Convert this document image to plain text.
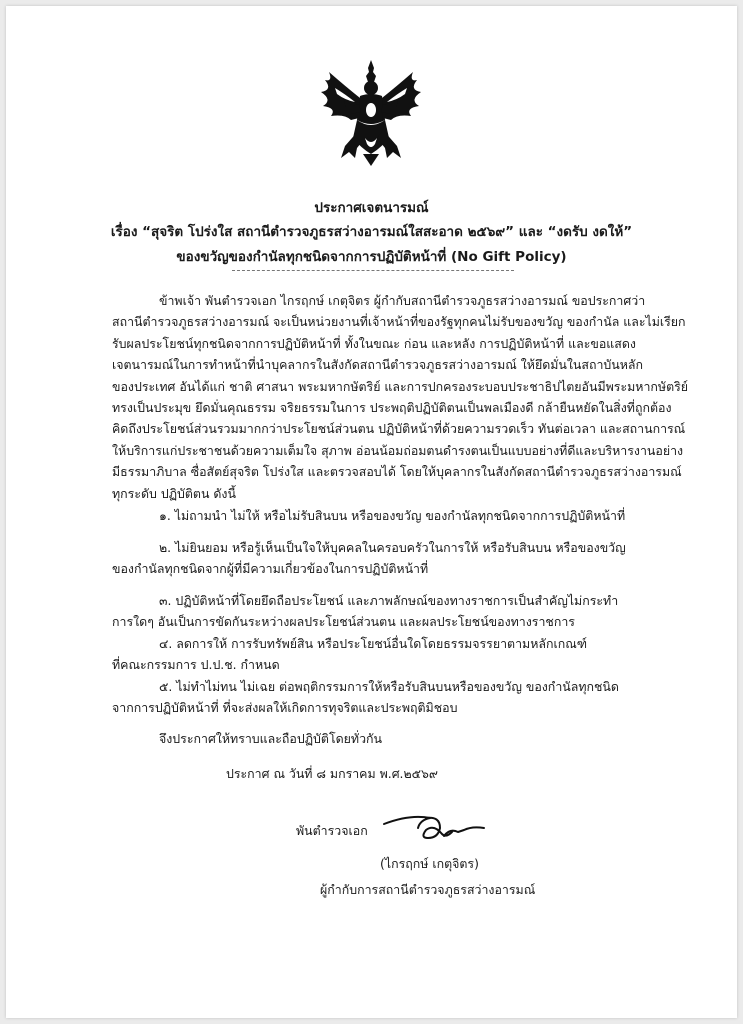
ประกาศเจตนารมณ์
เรื่อง “สุจริต โปร่งใส สถานีตำรวจภูธรสว่างอารมณ์ใสสะอาด ๒๕๖๙” และ “งดรับ งดให้”
ของขวัญของกำนัลทุกชนิดจากการปฏิบัติหน้าที่ (No Gift Policy)
ข้าพเจ้า พันตำรวจเอก ไกรฤกษ์ เกตุจิตร ผู้กำกับสถานีตำรวจภูธรสว่างอารมณ์ ขอประกาศว่า
สถานีตำรวจภูธรสว่างอารมณ์ จะเป็นหน่วยงานที่เจ้าหน้าที่ของรัฐทุกคนไม่รับของขวัญ ของกำนัล และไม่เรียก
รับผลประโยชน์ทุกชนิดจากการปฏิบัติหน้าที่ ทั้งในขณะ ก่อน และหลัง การปฏิบัติหน้าที่ และขอแสดง
เจตนารมณ์ในการทำหน้าที่นำบุคลากรในสังกัดสถานีตำรวจภูธรสว่างอารมณ์ ให้ยึดมั่นในสถาบันหลัก
ของประเทศ อันได้แก่ ชาติ ศาสนา พระมหากษัตริย์ และการปกครองระบอบประชาธิปไตยอันมีพระมหากษัตริย์
ทรงเป็นประมุข ยึดมั่นคุณธรรม จริยธรรมในการ ประพฤติปฏิบัติตนเป็นพลเมืองดี กล้ายืนหยัดในสิ่งที่ถูกต้อง
คิดถึงประโยชน์ส่วนรวมมากกว่าประโยชน์ส่วนตน ปฏิบัติหน้าที่ด้วยความรวดเร็ว ทันต่อเวลา และสถานการณ์
ให้บริการแก่ประชาชนด้วยความเต็มใจ สุภาพ อ่อนน้อมถ่อมตนดำรงตนเป็นแบบอย่างที่ดีและบริหารงานอย่าง
มีธรรมาภิบาล ซื่อสัตย์สุจริต โปร่งใส และตรวจสอบได้ โดยให้บุคลากรในสังกัดสถานีตำรวจภูธรสว่างอารมณ์
ทุกระดับ ปฏิบัติตน ดังนี้
๑. ไม่ถามนำ ไม่ให้ หรือไม่รับสินบน หรือของขวัญ ของกำนัลทุกชนิดจากการปฏิบัติหน้าที่
๒. ไม่ยินยอม หรือรู้เห็นเป็นใจให้บุคคลในครอบครัวในการให้ หรือรับสินบน หรือของขวัญ
ของกำนัลทุกชนิดจากผู้ที่มีความเกี่ยวข้องในการปฏิบัติหน้าที่
๓. ปฏิบัติหน้าที่โดยยึดถือประโยชน์ และภาพลักษณ์ของทางราชการเป็นสำคัญไม่กระทำ
การใดๆ อันเป็นการขัดกันระหว่างผลประโยชน์ส่วนตน และผลประโยชน์ของทางราชการ
๔. ลดการให้ การรับทรัพย์สิน หรือประโยชน์อื่นใดโดยธรรมจรรยาตามหลักเกณฑ์
ที่คณะกรรมการ ป.ป.ช. กำหนด
๕. ไม่ทำไม่ทน ไม่เฉย ต่อพฤติกรรมการให้หรือรับสินบนหรือของขวัญ ของกำนัลทุกชนิด
จากการปฏิบัติหน้าที่ ที่จะส่งผลให้เกิดการทุจริตและประพฤติมิชอบ
จึงประกาศให้ทราบและถือปฏิบัติโดยทั่วกัน
ประกาศ ณ วันที่ ๘ มกราคม พ.ศ.๒๕๖๙
พันตำรวจเอก
(ไกรฤกษ์ เกตุจิตร)
ผู้กำกับการสถานีตำรวจภูธรสว่างอารมณ์
